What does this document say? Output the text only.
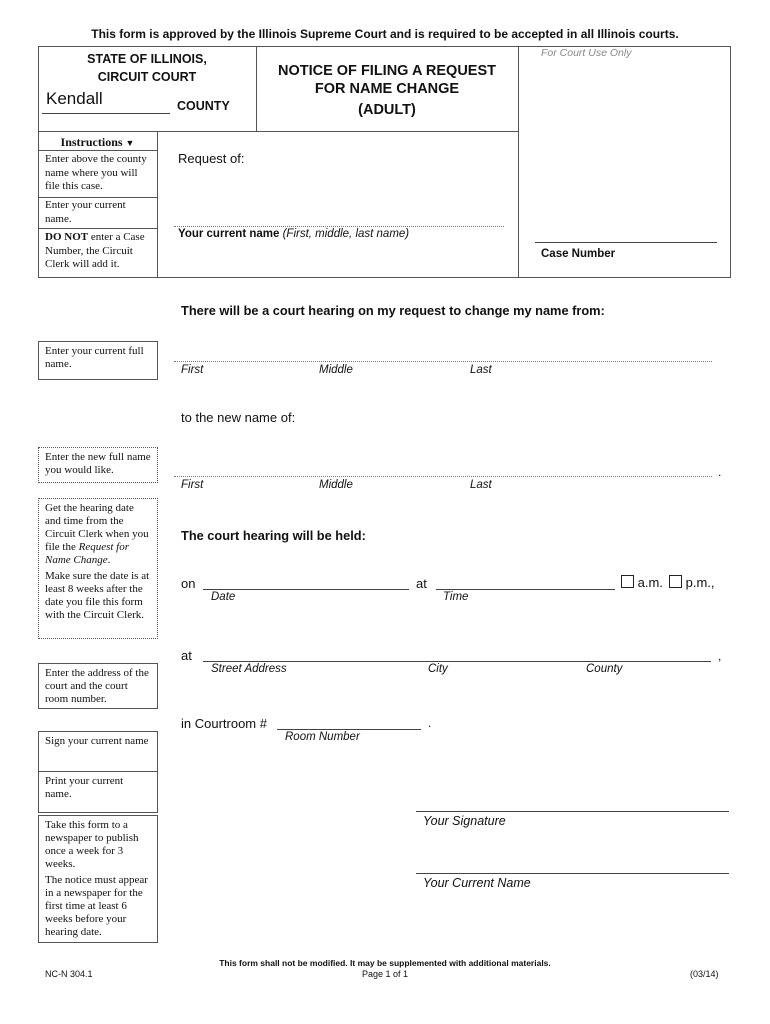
This form is approved by the Illinois Supreme Court and is required to be accepted in all Illinois courts.
STATE OF ILLINOIS,
CIRCUIT COURT
Kendall	COUNTY
NOTICE OF FILING A REQUEST
FOR NAME CHANGE
(ADULT)
For Court Use Only
Case Number
Instructions ▼
Enter above the county name where you will file this case.
Enter your current name.
DO NOT enter a Case Number, the Circuit Clerk will add it.
Request of:
Your current name (First, middle, last name)
There will be a court hearing on my request to change my name from:
Enter your current full name.	First	Middle	Last
to the new name of:
Enter the new full name you would like.	.
First	Middle	Last
Get the hearing date and time from the Circuit Clerk when you file the Request for Name Change.
Make sure the date is at least 8 weeks after the date you file this form with the Circuit Clerk.
The court hearing will be held:
on
Date
at
Time
a.m.	p.m.,
at	,
Street Address	City	County
Enter the address of the court and the court room number.
in Courtroom #	.
Room Number
Sign your current name
Print your current name.
Take this form to a newspaper to publish once a week for 3 weeks.
The notice must appear in a newspaper for the first time at least 6 weeks before your hearing date.
Your Signature
Your Current Name
This form shall not be modified. It may be supplemented with additional materials.
NC-N 304.1	Page 1 of 1	(03/14)
